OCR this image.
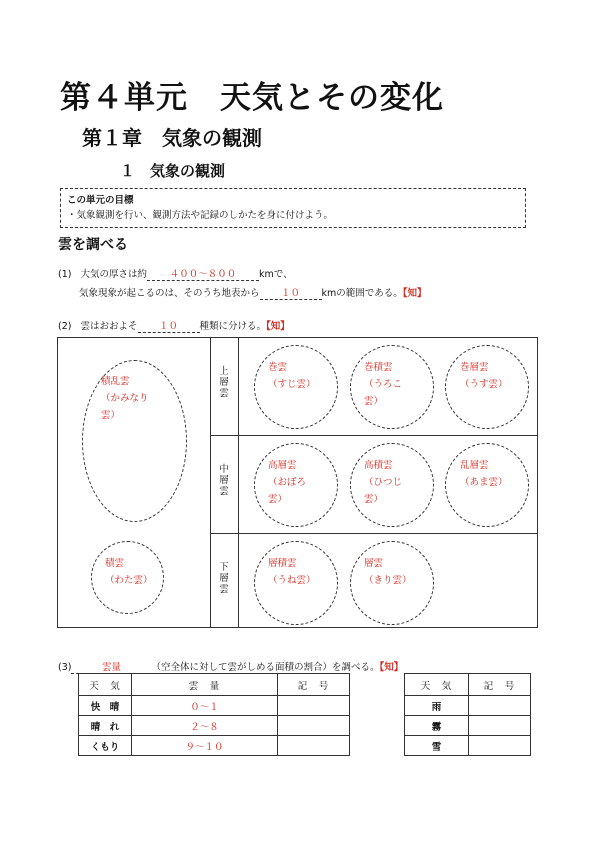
第４単元　天気とその変化
第１章　気象の観測
１　気象の観測
この単元の目標
・気象観測を行い、観測方法や記録のしかたを身に付けよう。
雲を調べる
(1) 大気の厚さは約 ４００～８００ kmで、
気象現象が起こるのは、そのうち地表から １０ kmの範囲である。【知】
(2) 雲はおおよそ １０ 種類に分ける。【知】
上
層
雲
中
層
雲
下
層
雲
積乱雲
（かみなり
雲）
積雲
（わた雲）
巻雲
（すじ雲）
巻積雲
（うろこ
雲）
巻層雲
（うす雲）
高層雲
（おぼろ
雲）
高積雲
（ひつじ
雲）
乱層雲
（あま雲）
層積雲
（うね雲）
層雲
（きり雲）
(3)	雲量	（空全体に対して雲がしめる面積の割合）を調べる。【知】
天　気	雲　量	記　号
快　晴	０～１	
晴　れ	２～８	
くもり	９～１０	
天　気	記　号
雨	
霧	
雪	
